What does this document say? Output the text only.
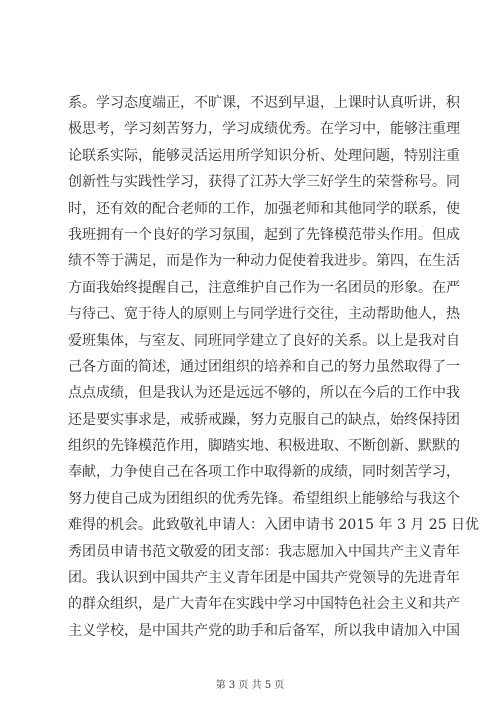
系。学习态度端正，不旷课，不迟到早退，上课时认真听讲，积
极思考，学习刻苦努力，学习成绩优秀。在学习中，能够注重理
论联系实际，能够灵活运用所学知识分析、处理问题，特别注重
创新性与实践性学习，获得了江苏大学三好学生的荣誉称号。同
时，还有效的配合老师的工作，加强老师和其他同学的联系，使
我班拥有一个良好的学习氛围，起到了先锋模范带头作用。但成
绩不等于满足，而是作为一种动力促使着我进步。第四，在生活
方面我始终提醒自己，注意维护自己作为一名团员的形象。在严
与待己、宽于待人的原则上与同学进行交往，主动帮助他人，热
爱班集体，与室友、同班同学建立了良好的关系。以上是我对自
己各方面的简述，通过团组织的培养和自己的努力虽然取得了一
点点成绩，但是我认为还是远远不够的，所以在今后的工作中我
还是要实事求是，戒骄戒躁，努力克服自己的缺点，始终保持团
组织的先锋模范作用，脚踏实地、积极进取、不断创新、默默的
奉献，力争使自己在各项工作中取得新的成绩，同时刻苦学习，
努力使自己成为团组织的优秀先锋。希望组织上能够给与我这个
难得的机会。此致敬礼申请人：入团申请书 2015 年 3 月 25 日优
秀团员申请书范文敬爱的团支部：我志愿加入中国共产主义青年
团。我认识到中国共产主义青年团是中国共产党领导的先进青年
的群众组织，是广大青年在实践中学习中国特色社会主义和共产
主义学校，是中国共产党的助手和后备军，所以我申请加入中国
第 3 页 共 5 页
